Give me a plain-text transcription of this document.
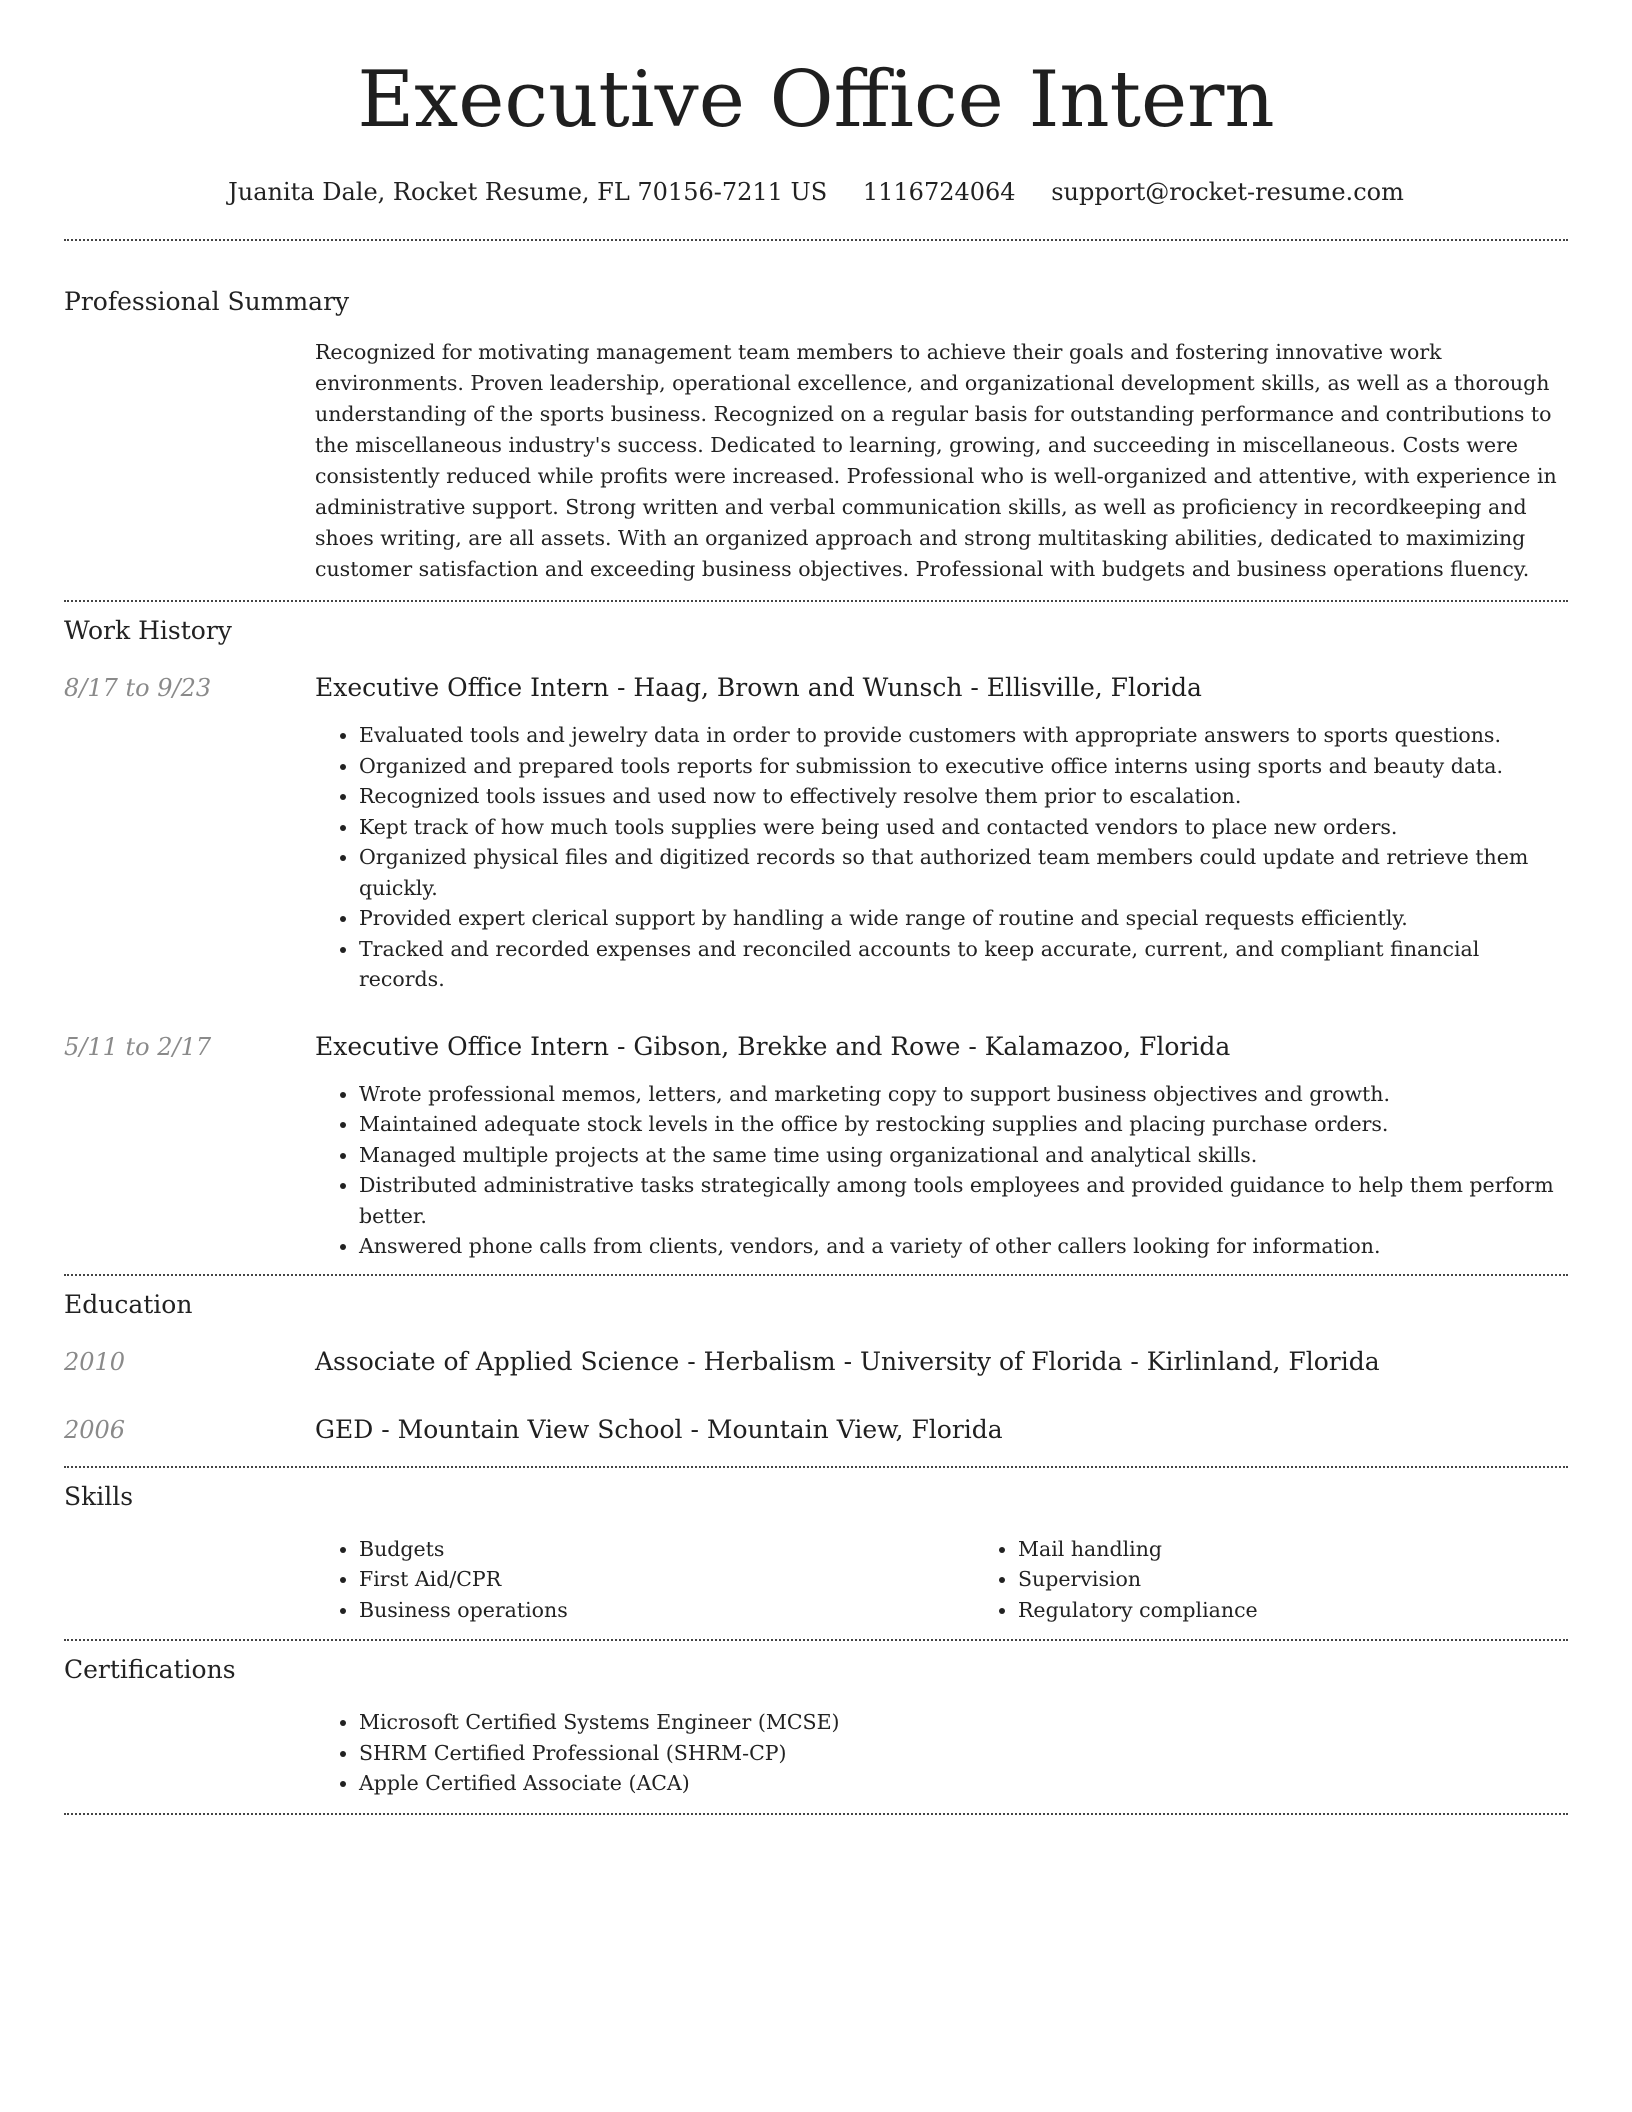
Executive Office Intern
Juanita Dale, Rocket Resume, FL 70156-7211 US 1116724064 support@rocket-resume.com
Professional Summary

Recognized for motivating management team members to achieve their goals and fostering innovative work environments. Proven leadership, operational excellence, and organizational development skills, as well as a thorough understanding of the sports business. Recognized on a regular basis for outstanding performance and contributions to the miscellaneous industry's success. Dedicated to learning, growing, and succeeding in miscellaneous. Costs were consistently reduced while profits were increased. Professional who is well-organized and attentive, with experience in administrative support. Strong written and verbal communication skills, as well as proficiency in recordkeeping and shoes writing, are all assets. With an organized approach and strong multitasking abilities, dedicated to maximizing customer satisfaction and exceeding business objectives. Professional with budgets and business operations fluency.

Work History
8/17 to 9/23	Executive Office Intern - Haag, Brown and Wunsch - Ellisville, Florida
• Evaluated tools and jewelry data in order to provide customers with appropriate answers to sports questions.
• Organized and prepared tools reports for submission to executive office interns using sports and beauty data.
• Recognized tools issues and used now to effectively resolve them prior to escalation.
• Kept track of how much tools supplies were being used and contacted vendors to place new orders.
• Organized physical files and digitized records so that authorized team members could update and retrieve them quickly.
• Provided expert clerical support by handling a wide range of routine and special requests efficiently.
• Tracked and recorded expenses and reconciled accounts to keep accurate, current, and compliant financial records.
5/11 to 2/17	Executive Office Intern - Gibson, Brekke and Rowe - Kalamazoo, Florida
• Wrote professional memos, letters, and marketing copy to support business objectives and growth.
• Maintained adequate stock levels in the office by restocking supplies and placing purchase orders.
• Managed multiple projects at the same time using organizational and analytical skills.
• Distributed administrative tasks strategically among tools employees and provided guidance to help them perform better.
• Answered phone calls from clients, vendors, and a variety of other callers looking for information.
Education
2010	Associate of Applied Science - Herbalism - University of Florida - Kirlinland, Florida
2006	GED - Mountain View School - Mountain View, Florida
Skills
• Budgets
• First Aid/CPR
• Business operations
• Mail handling
• Supervision
• Regulatory compliance
Certifications
• Microsoft Certified Systems Engineer (MCSE)
• SHRM Certified Professional (SHRM-CP)
• Apple Certified Associate (ACA)
